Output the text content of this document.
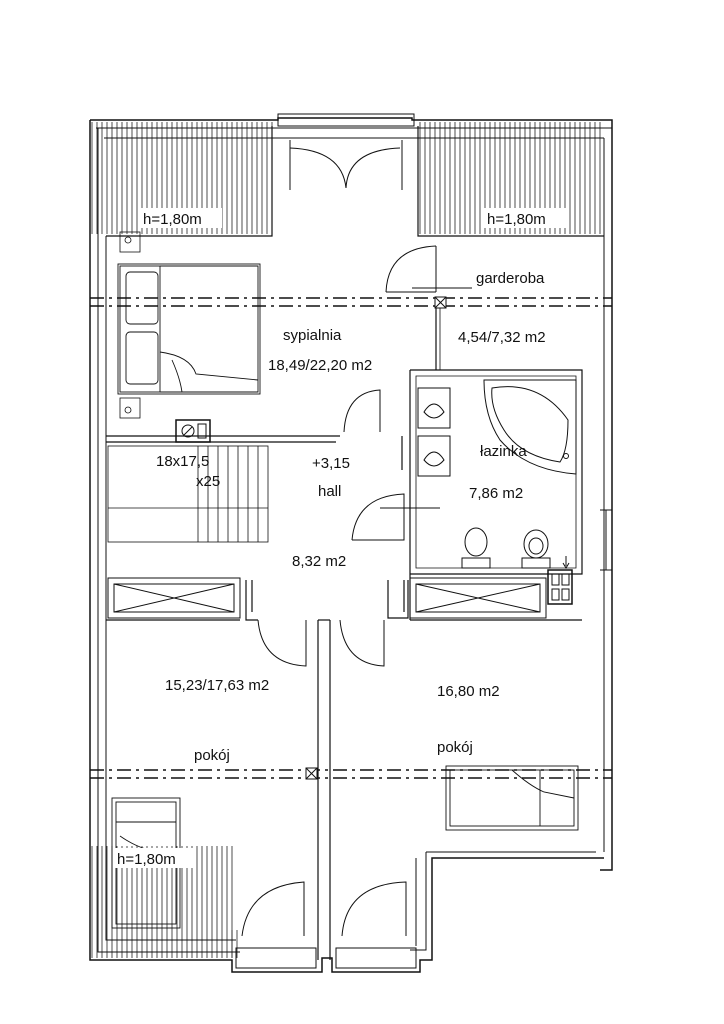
h=1,80m	h=1,80m
h=1,80m
garderoba
4,54/7,32 m2
sypialnia
18,49/22,20 m2
łazinka
7,86 m2
18x17,5
x25
+3,15
hall
8,32 m2
15,23/17,63 m2
pokój
16,80 m2
pokój
